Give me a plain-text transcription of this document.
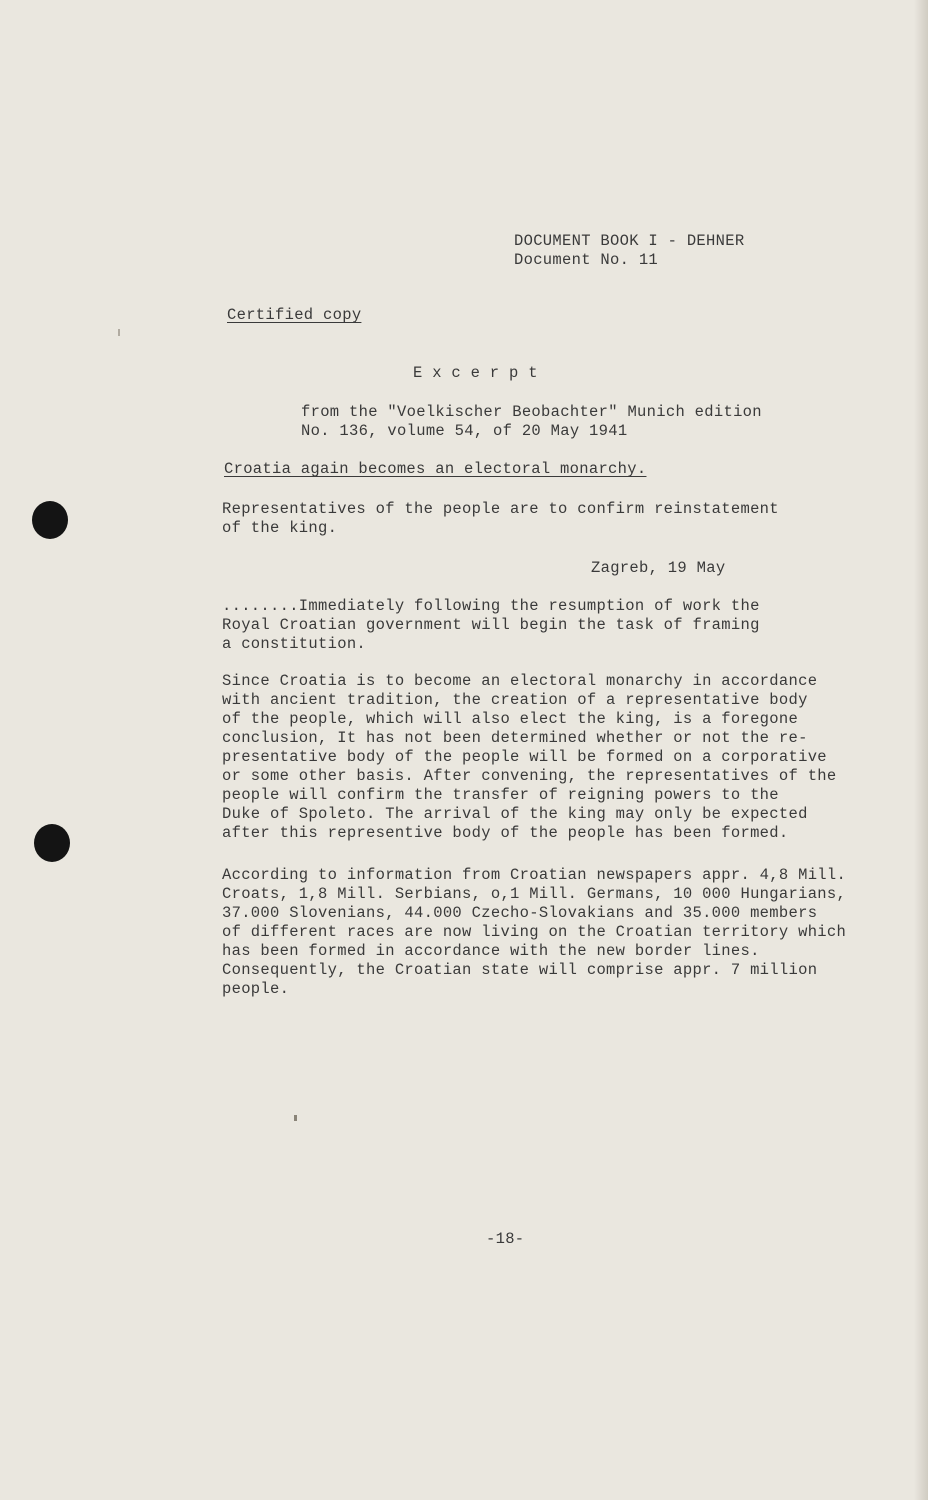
DOCUMENT BOOK I - DEHNER
Document No. 11
Certified copy
E x c e r p t
from the "Voelkischer Beobachter" Munich edition
No. 136, volume 54, of 20 May 1941
Croatia again becomes an electoral monarchy.
Representatives of the people are to confirm reinstatement
of the king.
Zagreb, 19 May
........Immediately following the resumption of work the
Royal Croatian government will begin the task of framing
a constitution.
Since Croatia is to become an electoral monarchy in accordance
with ancient tradition, the creation of a representative body
of the people, which will also elect the king, is a foregone
conclusion, It has not been determined whether or not the re-
presentative body of the people will be formed on a corporative
or some other basis. After convening, the representatives of the
people will confirm the transfer of reigning powers to the
Duke of Spoleto. The arrival of the king may only be expected
after this representive body of the people has been formed.
According to information from Croatian newspapers appr. 4,8 Mill.
Croats, 1,8 Mill. Serbians, o,1 Mill. Germans, 10 000 Hungarians,
37.000 Slovenians, 44.000 Czecho-Slovakians and 35.000 members
of different races are now living on the Croatian territory which
has been formed in accordance with the new border lines.
Consequently, the Croatian state will comprise appr. 7 million
people.
-18-
